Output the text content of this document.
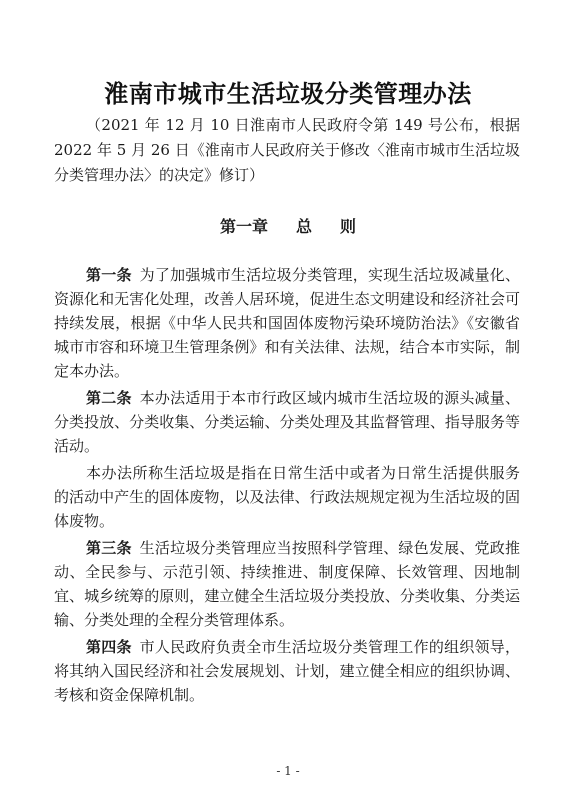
淮南市城市生活垃圾分类管理办法

（2021 年 12 月 10 日淮南市人民政府令第 149 号公布，根据 2022 年 5 月 26 日《淮南市人民政府关于修改〈淮南市城市生活垃圾分类管理办法〉的决定》修订）

第一章 总 则

第一条 为了加强城市生活垃圾分类管理，实现生活垃圾减量化、资源化和无害化处理，改善人居环境，促进生态文明建设和经济社会可持续发展，根据《中华人民共和国固体废物污染环境防治法》《安徽省城市市容和环境卫生管理条例》和有关法律、法规，结合本市实际，制定本办法。

第二条 本办法适用于本市行政区域内城市生活垃圾的源头减量、分类投放、分类收集、分类运输、分类处理及其监督管理、指导服务等活动。

本办法所称生活垃圾是指在日常生活中或者为日常生活提供服务的活动中产生的固体废物，以及法律、行政法规规定视为生活垃圾的固体废物。

第三条 生活垃圾分类管理应当按照科学管理、绿色发展、党政推动、全民参与、示范引领、持续推进、制度保障、长效管理、因地制宜、城乡统筹的原则，建立健全生活垃圾分类投放、分类收集、分类运输、分类处理的全程分类管理体系。

第四条 市人民政府负责全市生活垃圾分类管理工作的组织领导，将其纳入国民经济和社会发展规划、计划，建立健全相应的组织协调、考核和资金保障机制。

- 1 -
